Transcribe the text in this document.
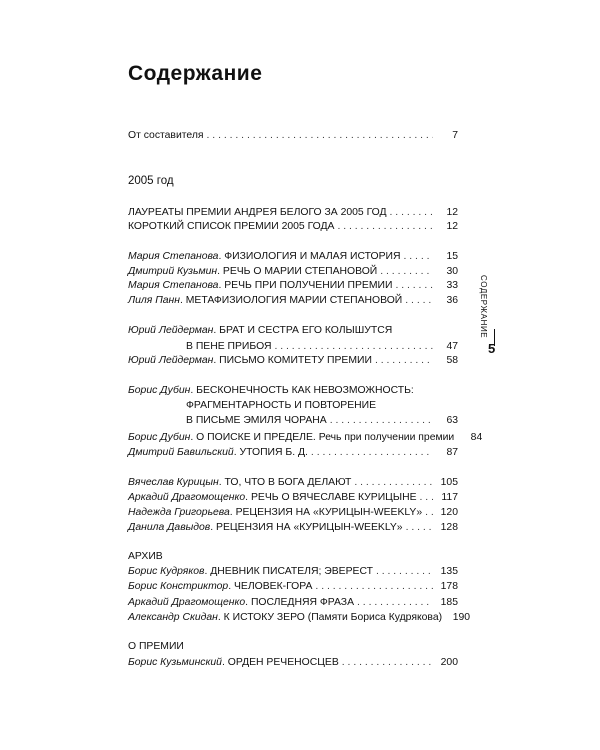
Содержание
От составителя . . .	7
2005 год
ЛАУРЕАТЫ ПРЕМИИ АНДРЕЯ БЕЛОГО ЗА 2005 ГОД . . .	12
КОРОТКИЙ СПИСОК ПРЕМИИ 2005 ГОДА . . .	12
Мария Степанова. ФИЗИОЛОГИЯ И МАЛАЯ ИСТОРИЯ . . .	15
Дмитрий Кузьмин. РЕЧЬ О МАРИИ СТЕПАНОВОЙ . . .	30
Мария Степанова. РЕЧЬ ПРИ ПОЛУЧЕНИИ ПРЕМИИ . . .	33
Лиля Панн. МЕТАФИЗИОЛОГИЯ МАРИИ СТЕПАНОВОЙ . . .	36
Юрий Лейдерман. БРАТ И СЕСТРА ЕГО КОЛЫШУТСЯ
В ПЕНЕ ПРИБОЯ . . .	47
Юрий Лейдерман. ПИСЬМО КОМИТЕТУ ПРЕМИИ . . .	58
Борис Дубин. БЕСКОНЕЧНОСТЬ КАК НЕВОЗМОЖНОСТЬ:
ФРАГМЕНТАРНОСТЬ И ПОВТОРЕНИЕ
В ПИСЬМЕ ЭМИЛЯ ЧОРАНА . . .	63
Борис Дубин. О ПОИСКЕ И ПРЕДЕЛЕ. Речь при получении премии	84
Дмитрий Бавильский. УТОПИЯ Б. Д. . . .	87
Вячеслав Курицын. ТО, ЧТО В БОГА ДЕЛАЮТ . . .	105
Аркадий Драгомощенко. РЕЧЬ О ВЯЧЕСЛАВЕ КУРИЦЫНЕ . . .	117
Надежда Григорьева. РЕЦЕНЗИЯ НА «КУРИЦЫН-WEEKLY» . . .	120
Данила Давыдов. РЕЦЕНЗИЯ НА «КУРИЦЫН-WEEKLY» . . .	128
АРХИВ
Борис Кудряков. ДНЕВНИК ПИСАТЕЛЯ; ЭВЕРЕСТ . . .	135
Борис Констриктор. ЧЕЛОВЕК-ГОРА . . .	178
Аркадий Драгомощенко. ПОСЛЕДНЯЯ ФРАЗА . . .	185
Александр Скидан. К ИСТОКУ ЗЕРО (Памяти Бориса Кудрякова)	190
О ПРЕМИИ
Борис Кузьминский. ОРДЕН РЕЧЕНОСЦЕВ . . .	200
СОДЕРЖАНИЕ
5
